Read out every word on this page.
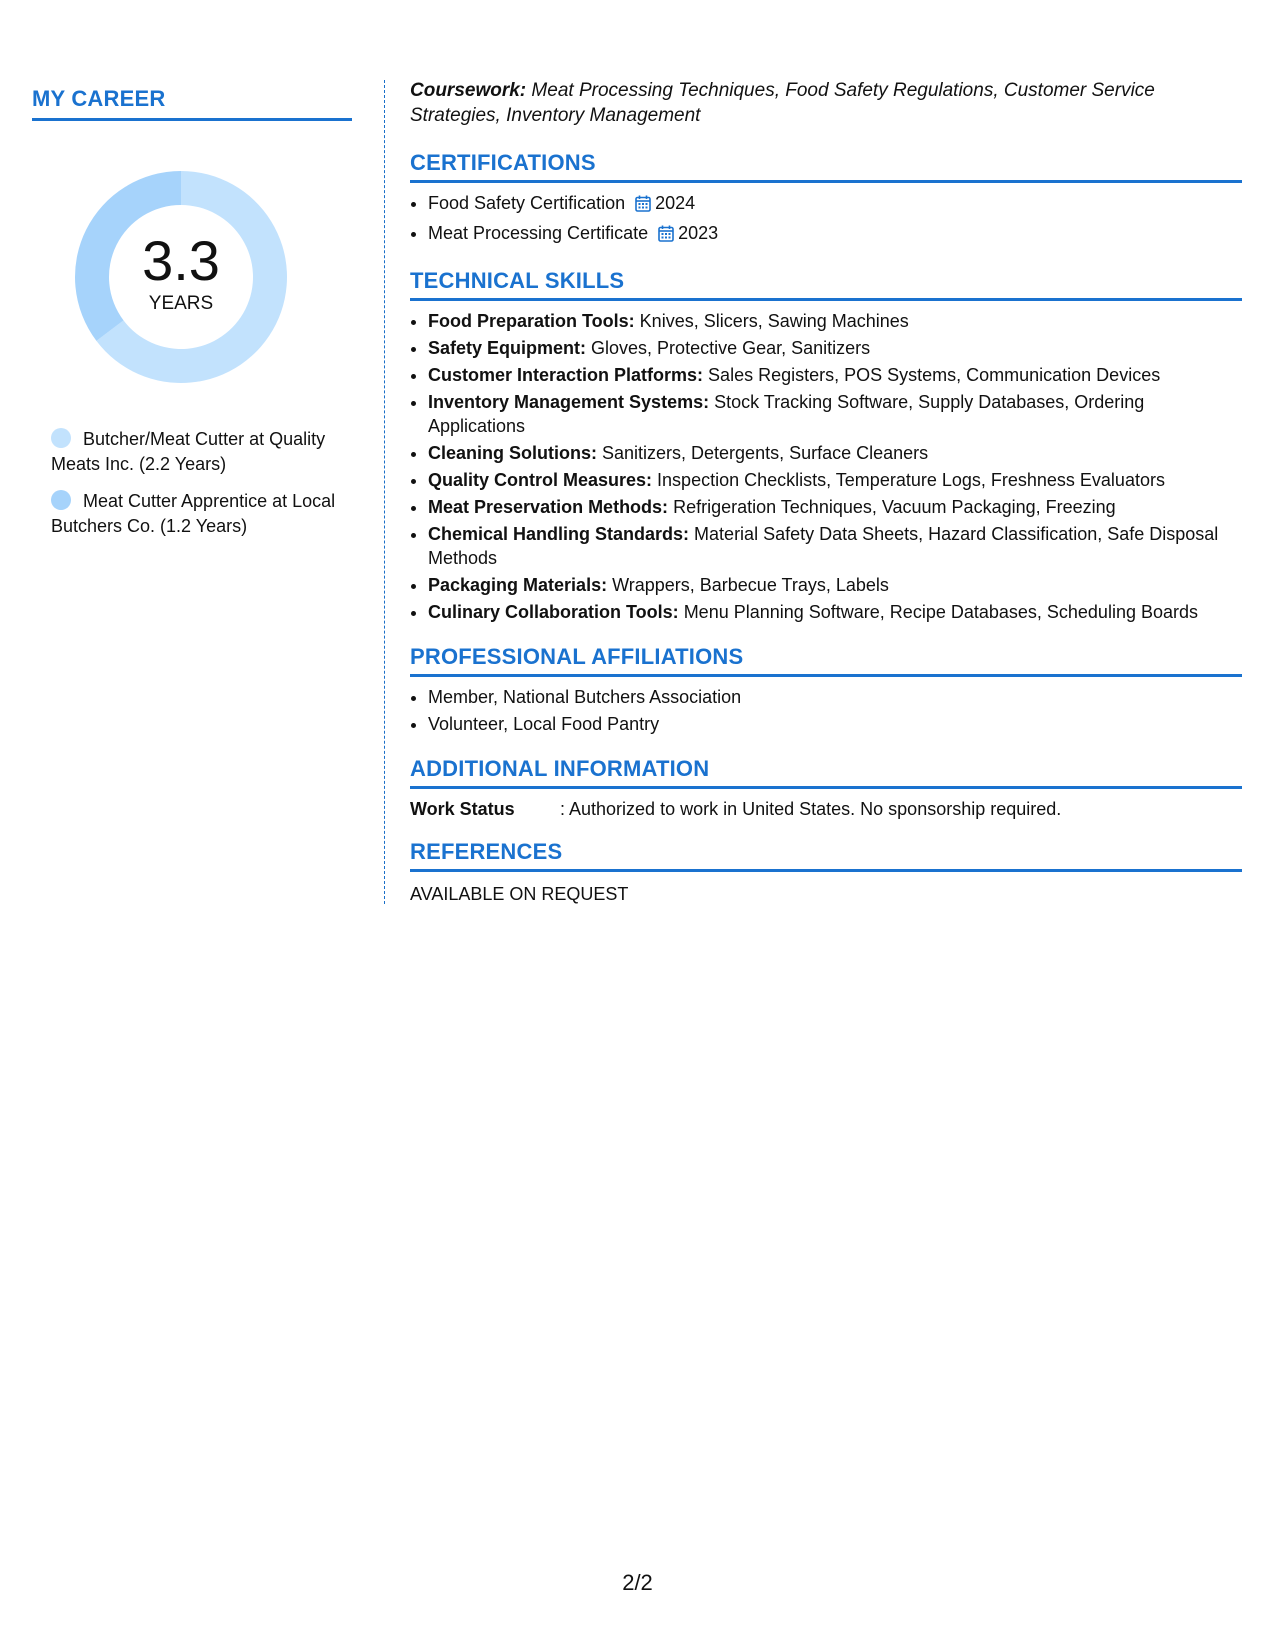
MY CAREER
3.3
YEARS
Butcher/Meat Cutter at Quality Meats Inc. (2.2 Years)
Meat Cutter Apprentice at Local Butchers Co. (1.2 Years)

Coursework: Meat Processing Techniques, Food Safety Regulations, Customer Service Strategies, Inventory Management

CERTIFICATIONS
• Food Safety Certification 2024
• Meat Processing Certificate 2023
TECHNICAL SKILLS
• Food Preparation Tools: Knives, Slicers, Sawing Machines
• Safety Equipment: Gloves, Protective Gear, Sanitizers
• Customer Interaction Platforms: Sales Registers, POS Systems, Communication Devices
• Inventory Management Systems: Stock Tracking Software, Supply Databases, Ordering Applications
• Cleaning Solutions: Sanitizers, Detergents, Surface Cleaners
• Quality Control Measures: Inspection Checklists, Temperature Logs, Freshness Evaluators
• Meat Preservation Methods: Refrigeration Techniques, Vacuum Packaging, Freezing
• Chemical Handling Standards: Material Safety Data Sheets, Hazard Classification, Safe Disposal Methods
• Packaging Materials: Wrappers, Barbecue Trays, Labels
• Culinary Collaboration Tools: Menu Planning Software, Recipe Databases, Scheduling Boards
PROFESSIONAL AFFILIATIONS
• Member, National Butchers Association
• Volunteer, Local Food Pantry
ADDITIONAL INFORMATION
Work Status	: Authorized to work in United States. No sponsorship required.
REFERENCES

AVAILABLE ON REQUEST

2/2
